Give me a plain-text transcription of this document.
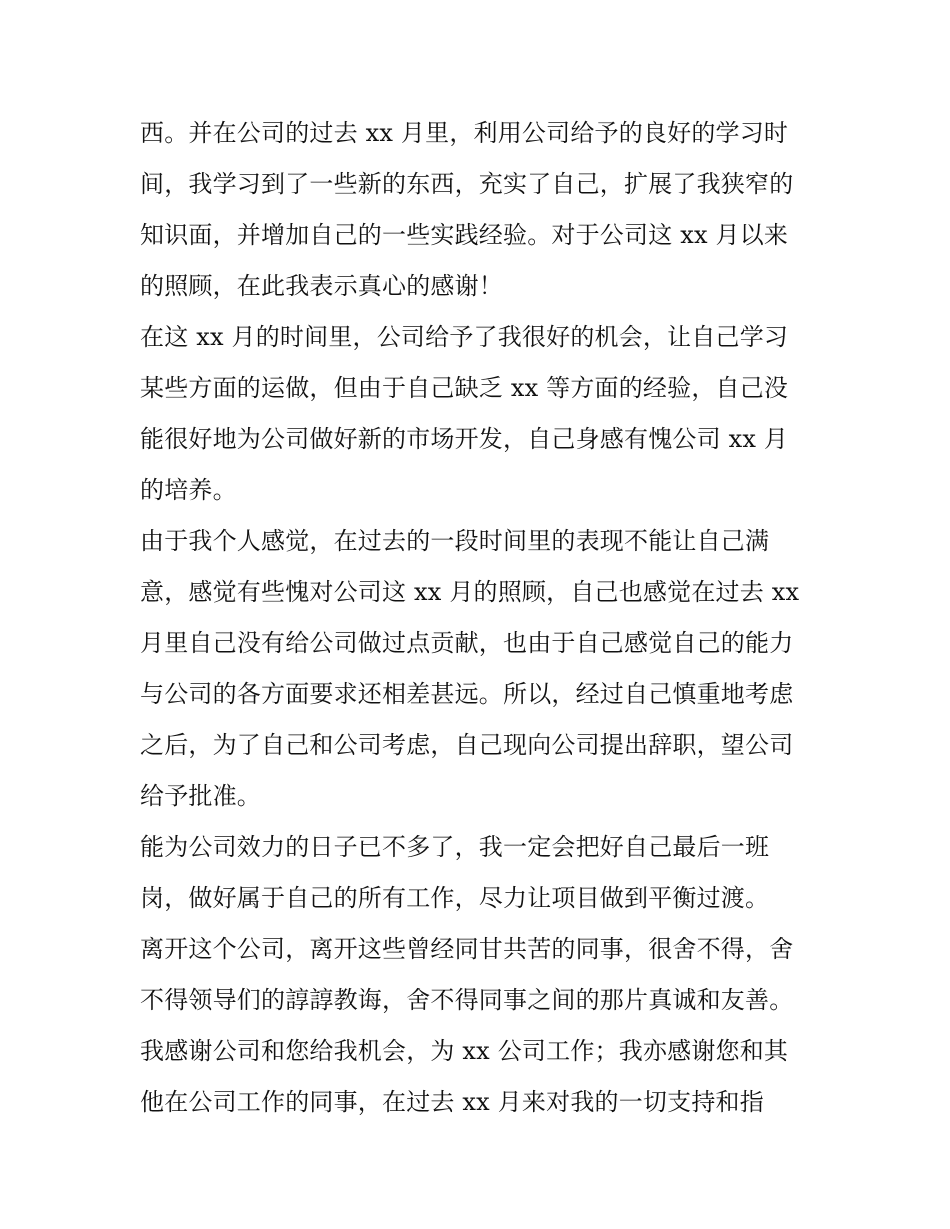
西。并在公司的过去 xx 月里，利用公司给予的良好的学习时
间，我学习到了一些新的东西，充实了自己，扩展了我狭窄的
知识面，并增加自己的一些实践经验。对于公司这 xx 月以来
的照顾，在此我表示真心的感谢！
在这 xx 月的时间里，公司给予了我很好的机会，让自己学习
某些方面的运做，但由于自己缺乏 xx 等方面的经验，自己没
能很好地为公司做好新的市场开发，自己身感有愧公司 xx 月
的培养。
由于我个人感觉，在过去的一段时间里的表现不能让自己满
意，感觉有些愧对公司这 xx 月的照顾，自己也感觉在过去 xx
月里自己没有给公司做过点贡献，也由于自己感觉自己的能力
与公司的各方面要求还相差甚远。所以，经过自己慎重地考虑
之后，为了自己和公司考虑，自己现向公司提出辞职，望公司
给予批准。
能为公司效力的日子已不多了，我一定会把好自己最后一班
岗，做好属于自己的所有工作，尽力让项目做到平衡过渡。
离开这个公司，离开这些曾经同甘共苦的同事，很舍不得，舍
不得领导们的諄諄教诲，舍不得同事之间的那片真诚和友善。
我感谢公司和您给我机会，为 xx 公司工作；我亦感谢您和其
他在公司工作的同事，在过去 xx 月来对我的一切支持和指
